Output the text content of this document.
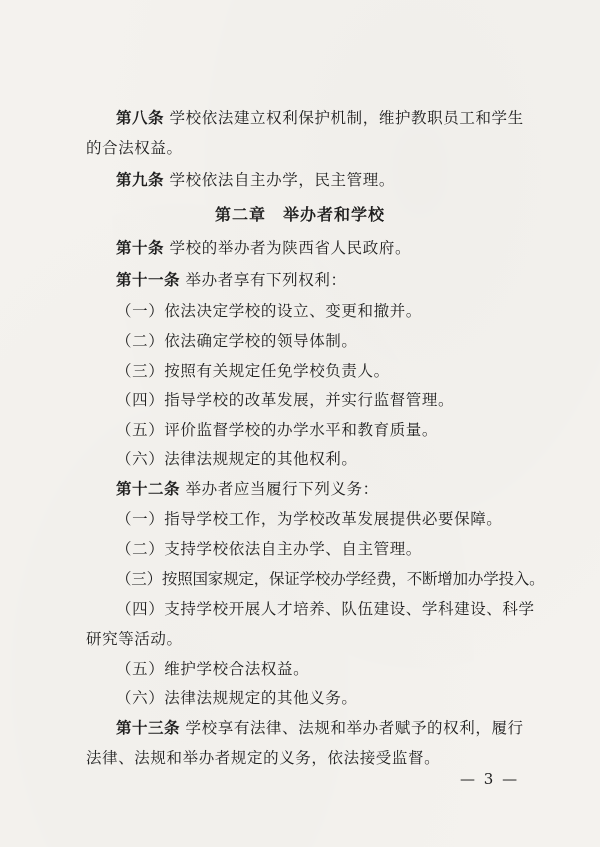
第八条 学校依法建立权利保护机制，维护教职员工和学生
的合法权益。
第九条 学校依法自主办学，民主管理。
第二章　举办者和学校
第十条 学校的举办者为陕西省人民政府。
第十一条 举办者享有下列权利：
（一）依法决定学校的设立、变更和撤并。
（二）依法确定学校的领导体制。
（三）按照有关规定任免学校负责人。
（四）指导学校的改革发展，并实行监督管理。
（五）评价监督学校的办学水平和教育质量。
（六）法律法规规定的其他权利。
第十二条 举办者应当履行下列义务：
（一）指导学校工作，为学校改革发展提供必要保障。
（二）支持学校依法自主办学、自主管理。
（三）按照国家规定，保证学校办学经费，不断增加办学投入。
（四）支持学校开展人才培养、队伍建设、学科建设、科学
研究等活动。
（五）维护学校合法权益。
（六）法律法规规定的其他义务。
第十三条 学校享有法律、法规和举办者赋予的权利，履行
法律、法规和举办者规定的义务，依法接受监督。
— 3 —
